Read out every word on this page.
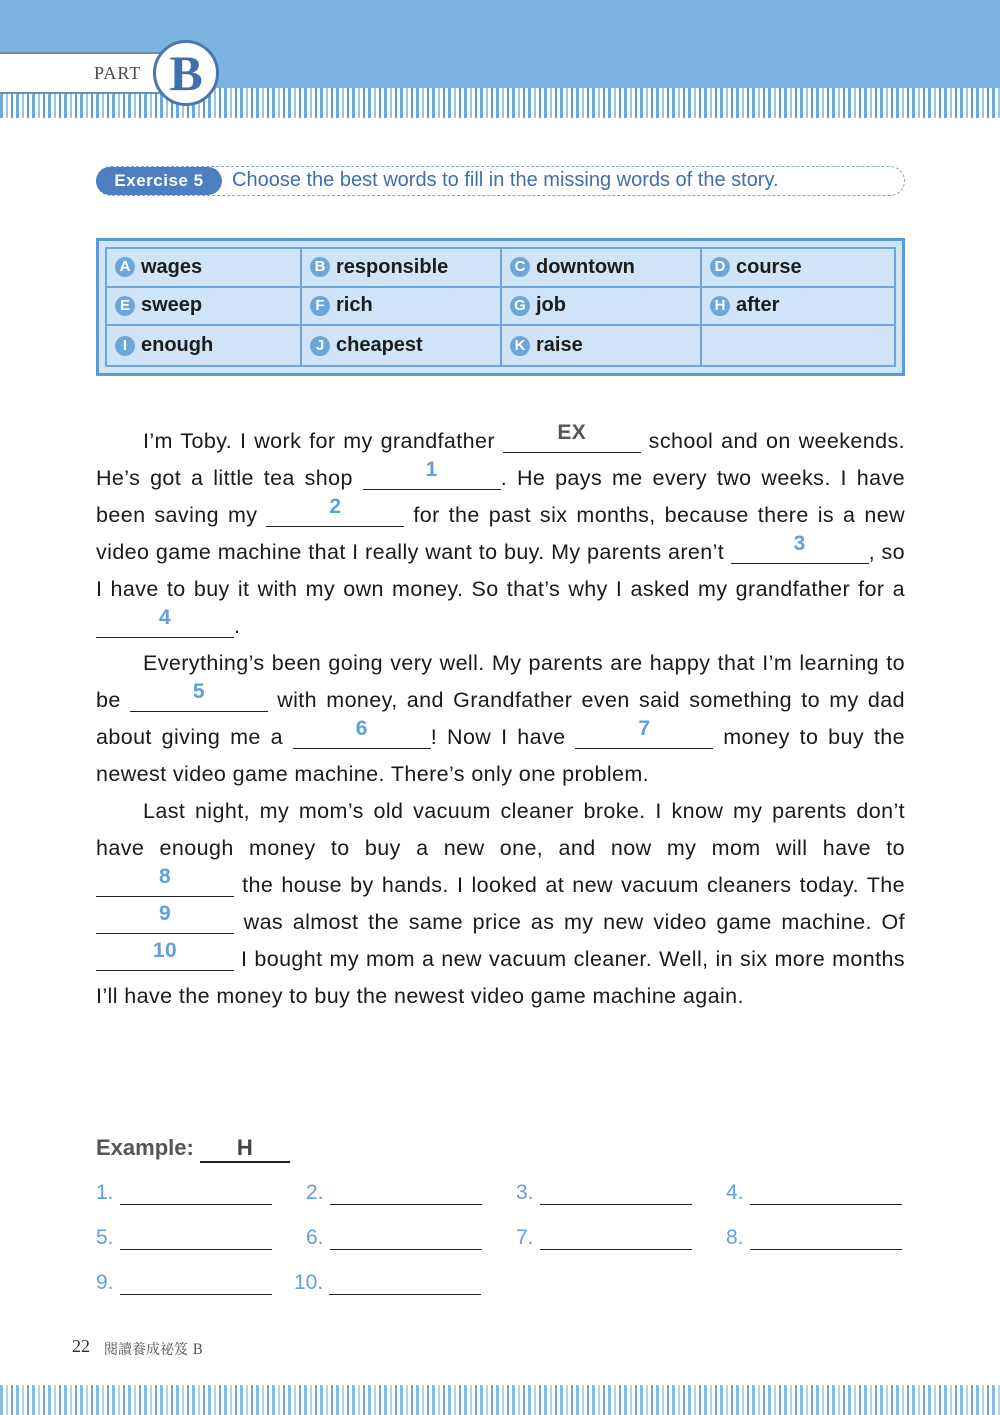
PART B
Exercise 5	Choose the best words to fill in the missing words of the story.
A wages	B responsible	C downtown	D course
E sweep	F rich	G job	H after
I enough	J cheapest	K raise

I’m Toby. I work for my grandfather	EX	school and on weekends. He’s got a little tea shop	1	. He pays me every two weeks. I have been saving my	2	for the past six months, because there is a new video game machine that I really want to buy. My parents aren’t	3	, so I have to buy it with my own money. So that’s why I asked my grandfather for a 4	.

Everything’s been going very well. My parents are happy that I’m learning to be	5	with money, and Grandfather even said something to my dad about giving me a	6	! Now I have	7	money to buy the newest video game machine. There’s only one problem.

Last night, my mom’s old vacuum cleaner broke. I know my parents don’t have enough money to buy a new one, and now my mom will have to 8	the house by hands. I looked at new vacuum cleaners today. The 9	was almost the same price as my new video game machine. Of 10	I bought my mom a new vacuum cleaner. Well, in six more months I’ll have the money to buy the newest video game machine again.

Example: H
1.	2.	3.	4.
5.	6.	7.	8.
9.	10.
22 閱讀養成祕笈 B
